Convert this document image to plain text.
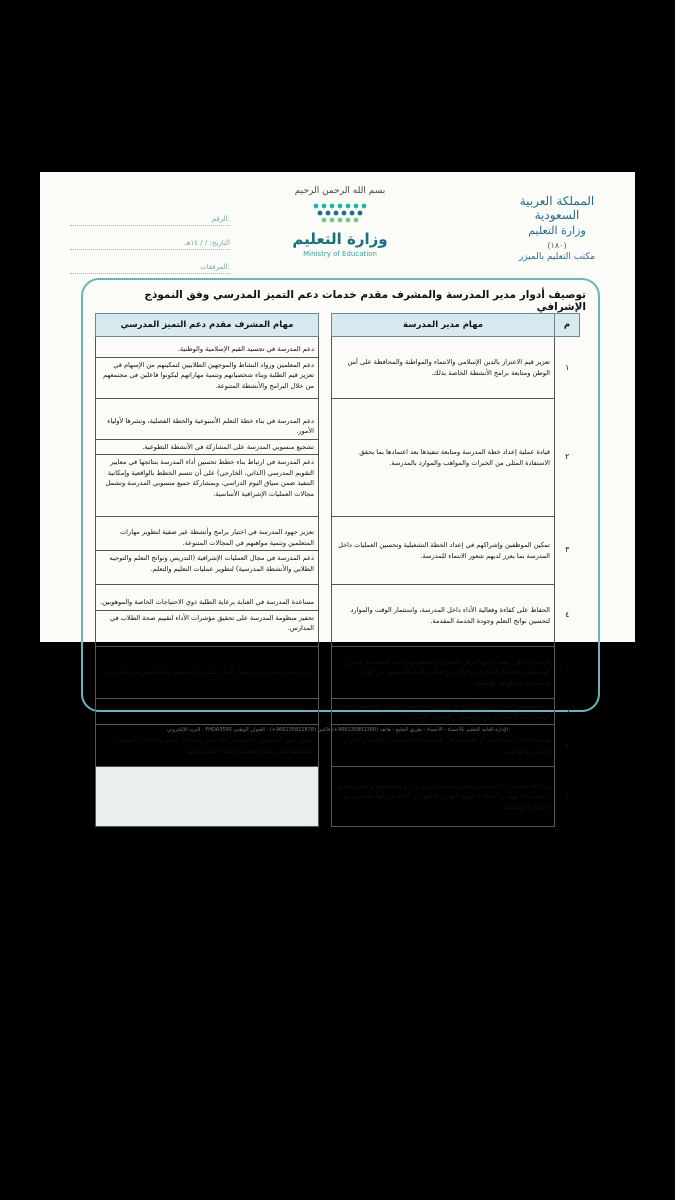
المملكة العربية السعودية
وزارة التعليم
(١٨٠)
مكتب التعليم بالميزر
بسم الله الرحمن الرحيم
وزارة التعليم
Ministry of Education
الرقم:
التاريخ: / / ١٤هـ
المرفقات:
توصيف أدوار مدير المدرسة والمشرف مقدم خدمات دعم التميز المدرسي وفق النموذج الإشرافي
م	مهام مدير المدرسة		مهام المشرف مقدم دعم التميز المدرسي
١	تعزيز قيم الاعتزاز بالدين الإسلامي والانتماء والمواطنة والمحافظة على أمن الوطن ومتابعة برامج الأنشطة الخاصة بذلك.		دعم المدرسة في تجسيد القيم الإسلامية والوطنية.
دعم المعلمين ورواد النشاط والموجهين الطلابيين لتمكينهم من الإسهام في تعزيز قيم الطلبة وبناء شخصياتهم وتنمية مهاراتهم ليكونوا فاعلين في مجتمعهم من خلال البرامج والأنشطة المتنوعة.

٢	قيادة عملية إعداد خطة المدرسة ومتابعة تنفيذها بعد اعتمادها بما يحقق الاستفادة المثلى من الخبرات والمواهب والموارد بالمدرسة.		دعم المدرسة في بناء خطة التعلم الأسبوعية والخطة الفصلية، ونشرها لأولياء الأمور.
تشجيع منسوبي المدرسة على المشاركة في الأنشطة التطوعية.
دعم المدرسة في ارتباط بناء خطط تحسين أداء المدرسة بنتائجها في معايير التقويم المدرسي (الذاتي، الخارجي) على أن تتسم الخطط بالواقعية وإمكانية التنفيذ ضمن سياق اليوم الدراسي، وبمشاركة جميع منسوبي المدرسة وتشمل مجالات العمليات الإشرافية الأساسية.

٣	تمكين الموظفين وإشراكهم في إعداد الخطة التشغيلية وتحسين العمليات داخل المدرسة بما يعزز لديهم شعور الانتماء للمدرسة.		تعزيز جهود المدرسة في اختيار برامج وأنشطة غير صفية لتطوير مهارات المتعلمين وتنمية مواهبهم في المجالات المتنوعة.
دعم المدرسة في مجال العمليات الإشرافية (التدريس ونواتج التعلم والتوجيه الطلابي والأنشطة المدرسية) لتطوير عمليات التعليم والتعلم.

٤	الحفاظ على كفاءة وفعالية الأداء داخل المدرسة، واستثمار الوقت والموارد لتحسين نواتج التعلم وجودة الخدمة المقدمة.		مساعدة المدرسة في العناية برعاية الطلبة ذوي الاحتياجات الخاصة والموهوبين.
تحفيز منظومة المدرسة على تحقيق مؤشرات الأداء لتقييم صحة الطلاب في المدارس.

٥	الإشراف على تنفيذ برامج الوعي الفكري وخططه وقواعده المعتمدة، وتعزيز الوسطية والاعتدال الفكري، والتأكد من سلامة البيئة التعليمية من الفكر المتطرف والظواهر السلبية.		تعزيز الممارسات التي تحقق الأمن النفسي للمعلمين والمتعلمين في المدارس.

٦	حماية مجتمع المدرسة من كل ما يؤدي إلى المخالفات الفكرية أو ضعف الالتزام الوطني بما لا يتماشى مع الوسطية والاعتدال الفكري.		
٧	متابعة حالات المخالفات أو الاشتباه في المخالفات للسياسات العامة والالتزام الفكري والوطني.		تحفيز جهود المعلمين لأهمية مراعاة تأثير مشكلات النمو والأحداث اليومية الضاغطة على تعلم المتعلم وكيفية التعامل معها.

٨	مراجعة وتقويم أداء منسوبي المدرسة بشكل دوري ، و مناقشتهم و تقديم تغذية راجعة بناءة لهم، و اعتماد التقويم النهائي لأدائهم، و التأكد من أنها تتماشى مع اللوائح و التعليمات .		
الإدارة العامة للتعليم بالأحساء - الأحساء - طريق الخليج - هاتف (966135802300+) فاكس (966135811878+) - العنوان الوطني FHDA3595 - البريد الإلكتروني
